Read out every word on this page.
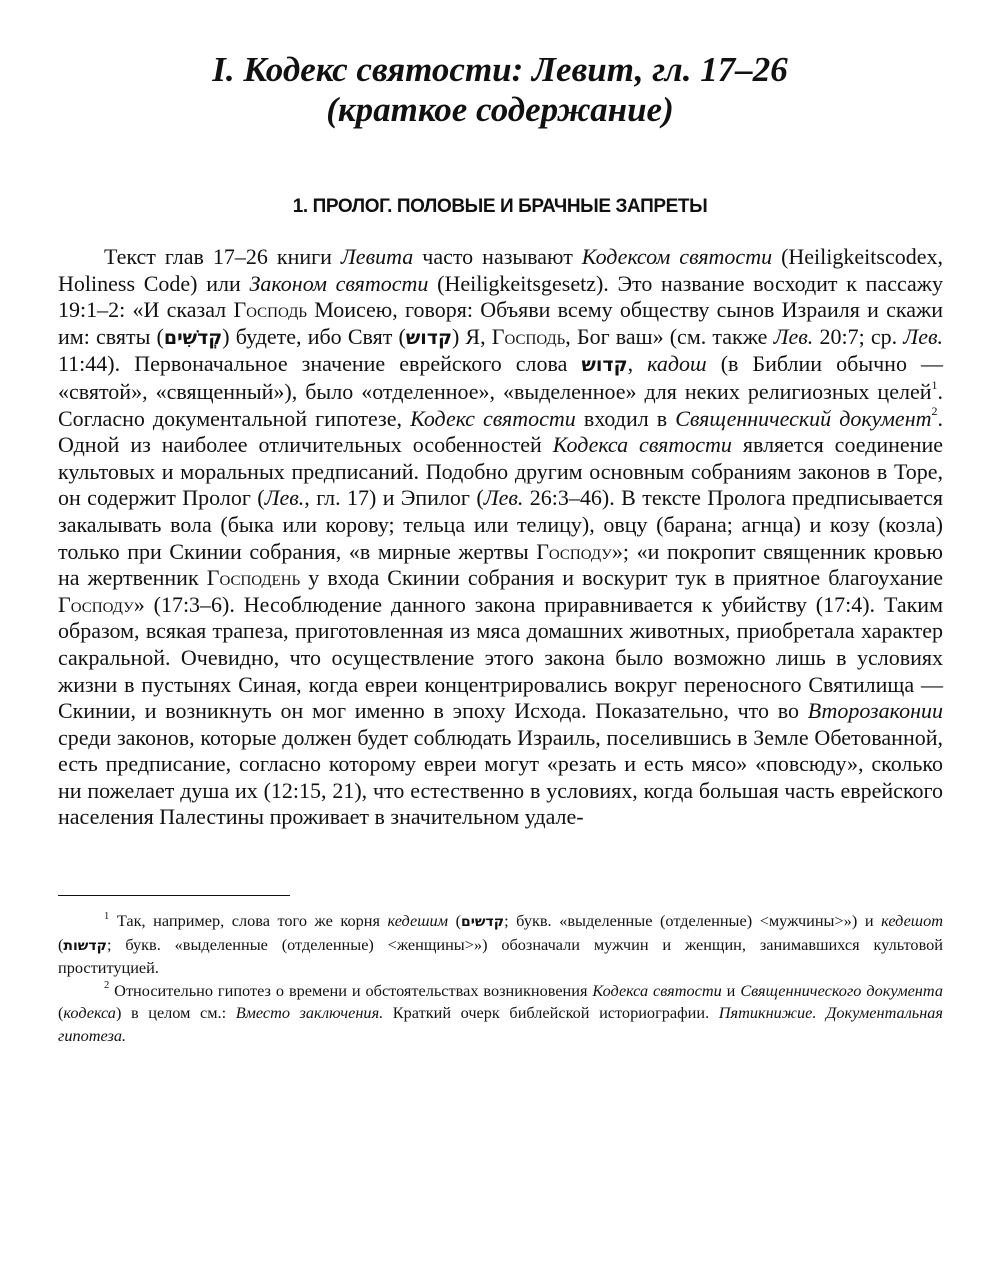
I. Кодекс святости: Левит, гл. 17–26
(краткое содержание)
1. ПРОЛОГ. ПОЛОВЫЕ И БРАЧНЫЕ ЗАПРЕТЫ

Текст глав 17–26 книги Левита часто называют Кодексом святости (Heiligkeitscodex, Holiness Code) или Законом святости (Heiligkeitsgesetz). Это название восходит к пассажу 19:1–2: «И сказал Господь Моисею, говоря: Объяви всему обществу сынов Израиля и скажи им: святы (קְדֹשִׁים) будете, ибо Свят (קדוש) Я, Господь, Бог ваш» (см. также Лев. 20:7; ср. Лев. 11:44). Первоначальное значение еврейского слова קדוש, кадош (в Библии обычно — «святой», «священный»), было «отделенное», «выделенное» для неких религиозных целей$^1$. Согласно документальной гипотезе, Кодекс святости входил в Священнический документ$^2$. Одной из наиболее отличительных особенностей Кодекса святости является соединение культовых и моральных предписаний. Подобно другим основным собраниям законов в Торе, он содержит Пролог (Лев., гл. 17) и Эпилог (Лев. 26:3–46). В тексте Пролога предписывается закалывать вола (быка или корову; тельца или телицу), овцу (барана; агнца) и козу (козла) только при Скинии собрания, «в мирные жертвы Господу»; «и покропит священник кровью на жертвенник Господень у входа Скинии собрания и воскурит тук в приятное благоухание Господу» (17:3–6). Несоблюдение данного закона приравнивается к убийству (17:4). Таким образом, всякая трапеза, приготовленная из мяса домашних животных, приобретала характер сакральной. Очевидно, что осуществление этого закона было возможно лишь в условиях жизни в пустынях Синая, когда евреи концентрировались вокруг переносного Святилища — Скинии, и возникнуть он мог именно в эпоху Исхода. Показательно, что во Второзаконии среди законов, которые должен будет соблюдать Израиль, поселившись в Земле Обетованной, есть предписание, согласно которому евреи могут «резать и есть мясо» «повсюду», сколько ни пожелает душа их (12:15, 21), что естественно в условиях, когда большая часть еврейского населения Палестины проживает в значительном удале-

$^1$ Так, например, слова того же корня кедешим (קדשים; букв. «выделенные (отделенные) <мужчины>») и кедешот (קדשות; букв. «выделенные (отделенные) <женщины>») обозначали мужчин и женщин, занимавшихся культовой проституцией.

$^2$ Относительно гипотез о времени и обстоятельствах возникновения Кодекса святости и Священнического документа (кодекса) в целом см.: Вместо заключения. Краткий очерк библейской историографии. Пятикнижие. Документальная гипотеза.
